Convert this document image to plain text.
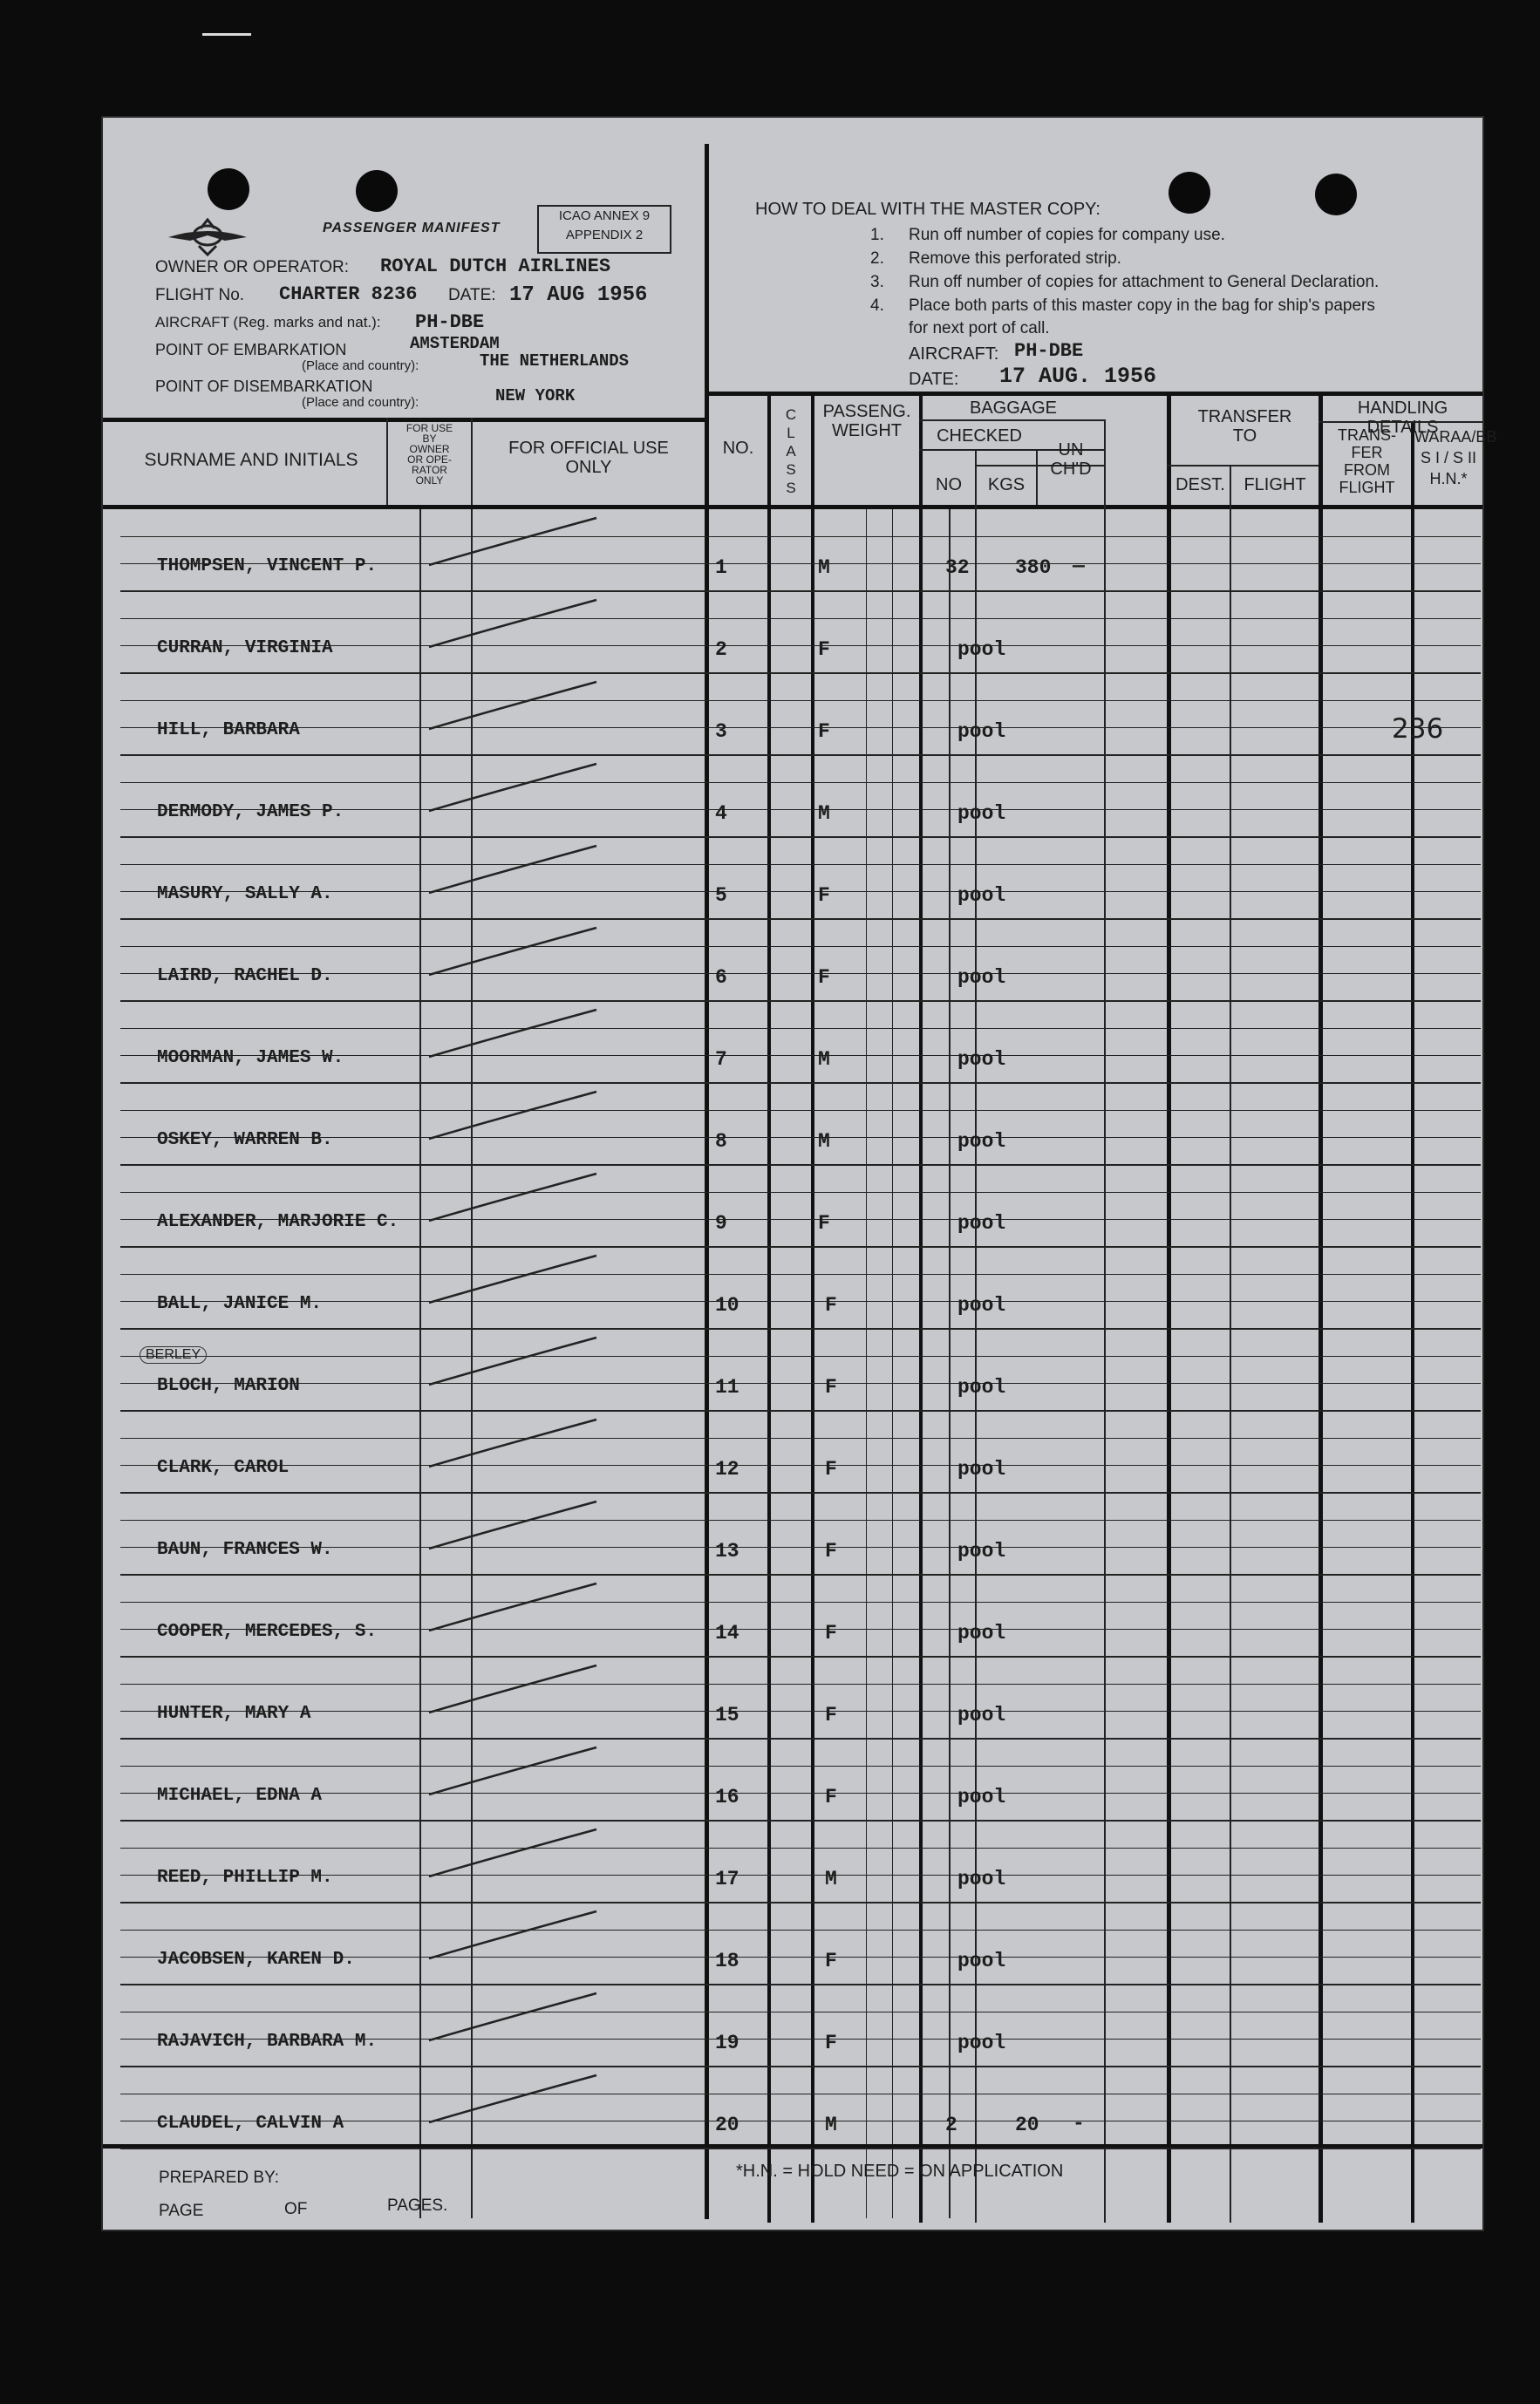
PASSENGER MANIFEST
ICAO ANNEX 9
APPENDIX 2
OWNER OR OPERATOR: ROYAL DUTCH AIRLINES
FLIGHT No. CHARTER 8236 DATE: 17 AUG 1956
AIRCRAFT (Reg. marks and nat.): PH-DBE
POINT OF EMBARKATION	AMSTERDAM
(Place and country):	THE NETHERLANDS
POINT OF DISEMBARKATION
(Place and country):	NEW YORK
HOW TO DEAL WITH THE MASTER COPY:
1. Run off number of copies for company use.
2. Remove this perforated strip.
3. Run off number of copies for attachment to General Declaration.
4. Place both parts of this master copy in the bag for ship's papers
for next port of call.
AIRCRAFT: PH-DBE
DATE: 17 AUG. 1956
SURNAME AND INITIALS
FOR USE
BY
OWNER
OR OPE-
RATOR
ONLY
FOR OFFICIAL USE
ONLY
NO.
C
L
A
S
S
PASSENG.
WEIGHT
BAGGAGE
CHECKED
NO	KGS
UN
CH'D
TRANSFER
TO
DEST.	FLIGHT
HANDLING DETAILS
TRANS-
FER
FROM
FLIGHT
WARAA/BB
S I / S II
H.N.*
PREPARED BY:
PAGE	OF	PAGES.
*H.N. = HOLD NEED = ON APPLICATION
THOMPSEN, VINCENT P.	1	M	32 380 —
CURRAN, VIRGINIA	2	F	pool
HILL, BARBARA	3	F	pool	236
DERMODY, JAMES P.	4	M	pool
MASURY, SALLY A.	5	F	pool
LAIRD, RACHEL D.	6	F	pool
MOORMAN, JAMES W.	7	M	pool
OSKEY, WARREN B.	8	M	pool
ALEXANDER, MARJORIE C.	9	F	pool
BALL, JANICE M.	10	F	pool
BLOCH, MARION	11	F	pool
CLARK, CAROL	12	F	pool
BAUN, FRANCES W.	13	F	pool
COOPER, MERCEDES, S.	14	F	pool
HUNTER, MARY A	15	F	pool
MICHAEL, EDNA A	16	F	pool
REED, PHILLIP M.	17	M	pool
JACOBSEN, KAREN D.	18	F	pool
RAJAVICH, BARBARA M.	19	F	pool
CLAUDEL, CALVIN A	20	M	2	20 -
BERLEY
